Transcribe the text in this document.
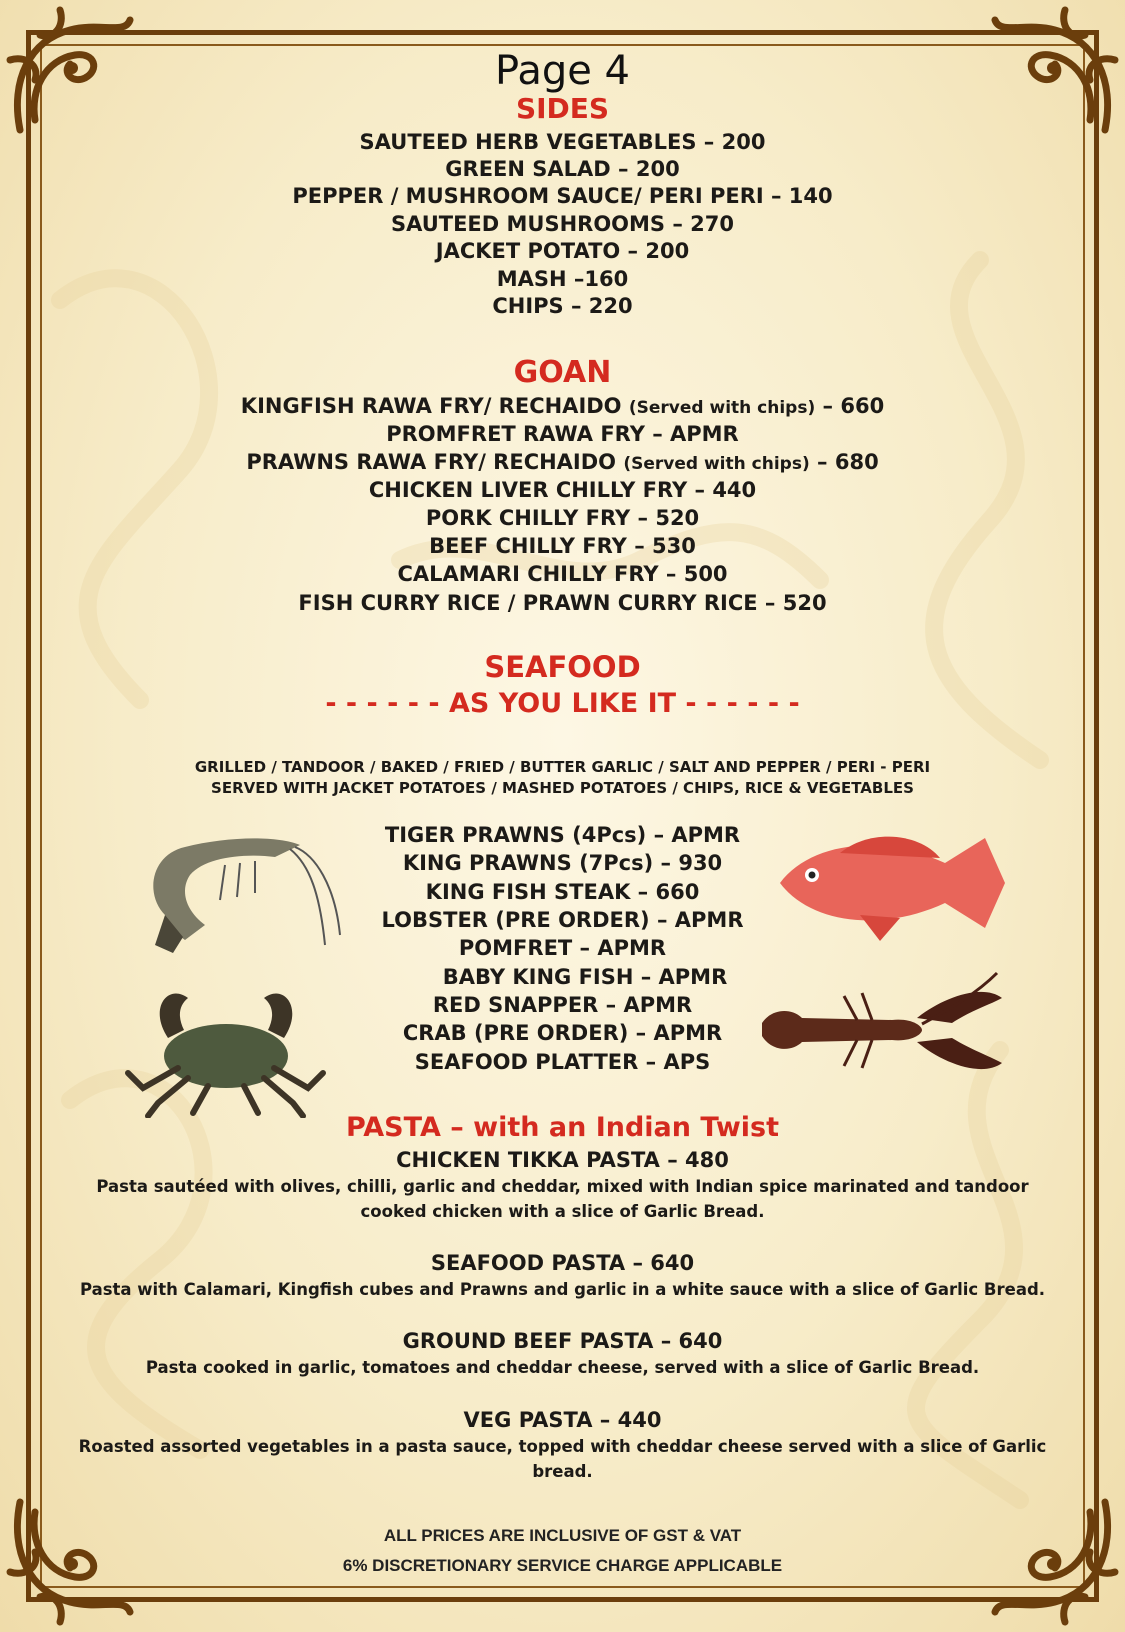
Page 4
SIDES
SAUTEED HERB VEGETABLES – 200
GREEN SALAD – 200
PEPPER / MUSHROOM SAUCE/ PERI PERI – 140
SAUTEED MUSHROOMS – 270
JACKET POTATO – 200
MASH –160
CHIPS – 220
GOAN
KINGFISH RAWA FRY/ RECHAIDO (Served with chips) – 660
PROMFRET RAWA FRY – APMR
PRAWNS RAWA FRY/ RECHAIDO (Served with chips) – 680
CHICKEN LIVER CHILLY FRY – 440
PORK CHILLY FRY – 520
BEEF CHILLY FRY – 530
CALAMARI CHILLY FRY – 500
FISH CURRY RICE / PRAWN CURRY RICE – 520
SEAFOOD
- - - - - - AS YOU LIKE IT - - - - - -
GRILLED / TANDOOR / BAKED / FRIED / BUTTER GARLIC / SALT AND PEPPER / PERI - PERI
SERVED WITH JACKET POTATOES / MASHED POTATOES / CHIPS, RICE & VEGETABLES
TIGER PRAWNS (4Pcs) – APMR
KING PRAWNS (7Pcs) – 930
KING FISH STEAK – 660
LOBSTER (PRE ORDER) – APMR
POMFRET – APMR
BABY KING FISH – APMR
RED SNAPPER – APMR
CRAB (PRE ORDER) – APMR
SEAFOOD PLATTER – APS
PASTA – with an Indian Twist
CHICKEN TIKKA PASTA – 480
Pasta sautéed with olives, chilli, garlic and cheddar, mixed with Indian spice marinated and tandoor cooked chicken with a slice of Garlic Bread.
SEAFOOD PASTA – 640
Pasta with Calamari, Kingfish cubes and Prawns and garlic in a white sauce with a slice of Garlic Bread.
GROUND BEEF PASTA – 640
Pasta cooked in garlic, tomatoes and cheddar cheese, served with a slice of Garlic Bread.
VEG PASTA – 440
Roasted assorted vegetables in a pasta sauce, topped with cheddar cheese served with a slice of Garlic bread.
ALL PRICES ARE INCLUSIVE OF GST & VAT
6% DISCRETIONARY SERVICE CHARGE APPLICABLE
